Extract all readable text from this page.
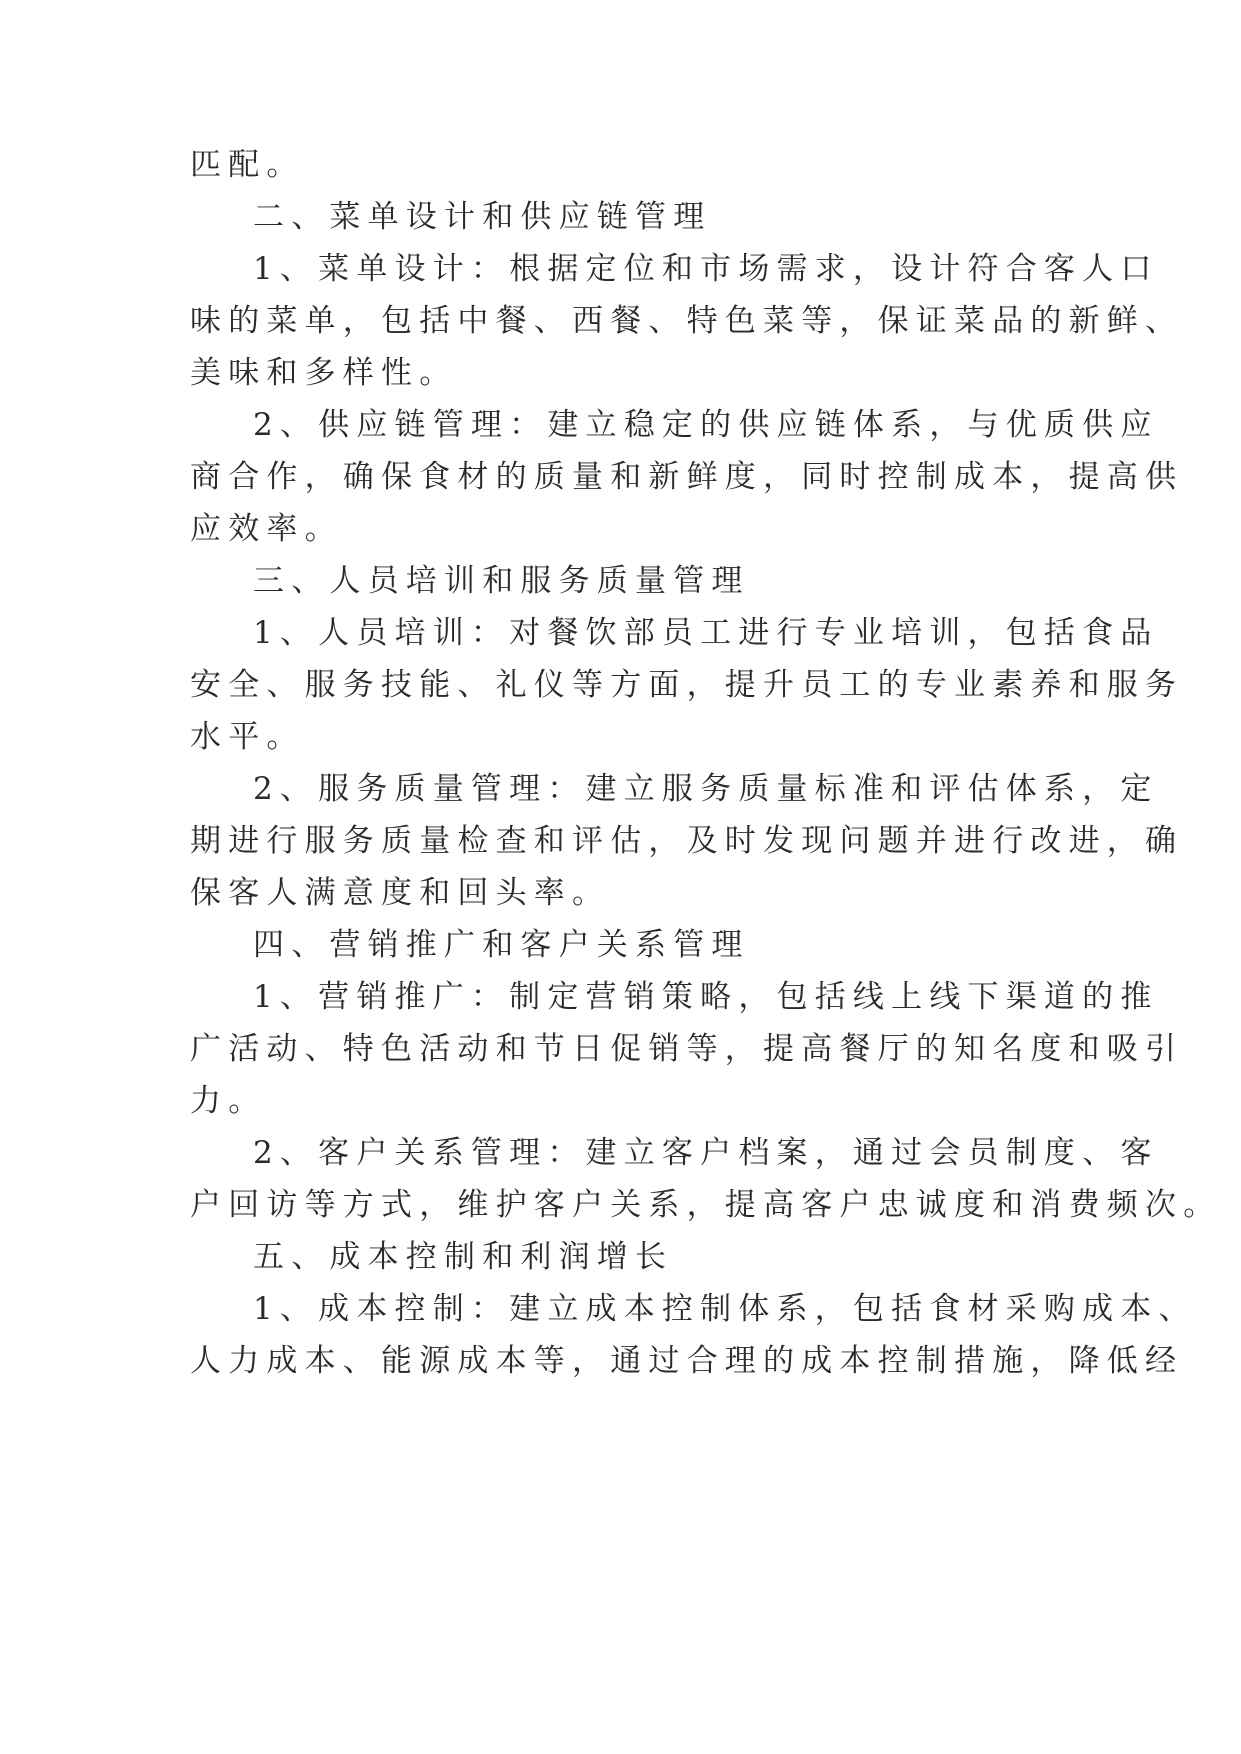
匹配。
二、菜单设计和供应链管理
1、菜单设计：根据定位和市场需求，设计符合客人口
味的菜单，包括中餐、西餐、特色菜等，保证菜品的新鲜、
美味和多样性。
2、供应链管理：建立稳定的供应链体系，与优质供应
商合作，确保食材的质量和新鲜度，同时控制成本，提高供
应效率。
三、人员培训和服务质量管理
1、人员培训：对餐饮部员工进行专业培训，包括食品
安全、服务技能、礼仪等方面，提升员工的专业素养和服务
水平。
2、服务质量管理：建立服务质量标准和评估体系，定
期进行服务质量检查和评估，及时发现问题并进行改进，确
保客人满意度和回头率。
四、营销推广和客户关系管理
1、营销推广：制定营销策略，包括线上线下渠道的推
广活动、特色活动和节日促销等，提高餐厅的知名度和吸引
力。
2、客户关系管理：建立客户档案，通过会员制度、客
户回访等方式，维护客户关系，提高客户忠诚度和消费频次。
五、成本控制和利润增长
1、成本控制：建立成本控制体系，包括食材采购成本、
人力成本、能源成本等，通过合理的成本控制措施，降低经
